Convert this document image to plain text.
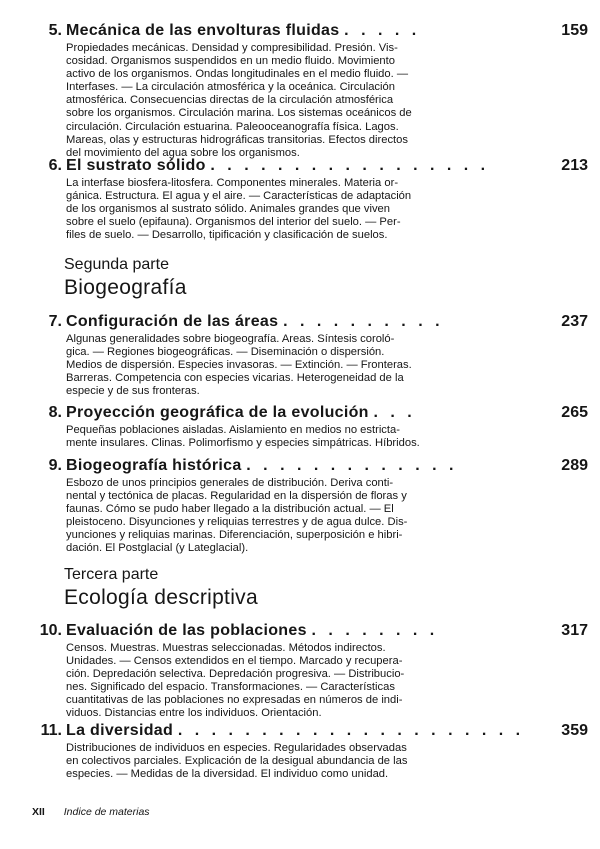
5. Mecánica de las envolturas fluidas . . . . .	159
Propiedades mecánicas. Densidad y compresibilidad. Presión. Vis-
cosidad. Organismos suspendidos en un medio fluido. Movimiento
activo de los organismos. Ondas longitudinales en el medio fluido. —
Interfases. — La circulación atmosférica y la oceánica. Circulación
atmosférica. Consecuencias directas de la circulación atmosférica
sobre los organismos. Circulación marina. Los sistemas oceánicos de
circulación. Circulación estuarina. Paleooceanografía física. Lagos.
Mareas, olas y estructuras hidrográficas transitorias. Efectos directos
del movimiento del agua sobre los organismos.
6. El sustrato sólido . . . . . . . . . . . . . . . . .	213
La interfase biosfera-litosfera. Componentes minerales. Materia or-
gánica. Estructura. El agua y el aire. — Características de adaptación
de los organismos al sustrato sólido. Animales grandes que viven
sobre el suelo (epifauna). Organismos del interior del suelo. — Per-
files de suelo. — Desarrollo, tipificación y clasificación de suelos.
Segunda parte
Biogeografía
7. Configuración de las áreas . . . . . . . . . .	237
Algunas generalidades sobre biogeografía. Areas. Síntesis coroló-
gica. — Regiones biogeográficas. — Diseminación o dispersión.
Medios de dispersión. Especies invasoras. — Extinción. — Fronteras.
Barreras. Competencia con especies vicarias. Heterogeneidad de la
especie y de sus fronteras.
8. Proyección geográfica de la evolución . . .	265
Pequeñas poblaciones aisladas. Aislamiento en medios no estricta-
mente insulares. Clinas. Polimorfismo y especies simpátricas. Híbridos.
9. Biogeografía histórica . . . . . . . . . . . . .	289
Esbozo de unos principios generales de distribución. Deriva conti-
nental y tectónica de placas. Regularidad en la dispersión de floras y
faunas. Cómo se pudo haber llegado a la distribución actual. — El
pleistoceno. Disyunciones y reliquias terrestres y de agua dulce. Dis-
yunciones y reliquias marinas. Diferenciación, superposición e hibri-
dación. El Postglacial (y Lateglacial).
Tercera parte
Ecología descriptiva
10. Evaluación de las poblaciones . . . . . . . .	317
Censos. Muestras. Muestras seleccionadas. Métodos indirectos.
Unidades. — Censos extendidos en el tiempo. Marcado y recupera-
ción. Depredación selectiva. Depredación progresiva. — Distribucio-
nes. Significado del espacio. Transformaciones. — Características
cuantitativas de las poblaciones no expresadas en números de indi-
viduos. Distancias entre los individuos. Orientación.
11. La diversidad . . . . . . . . . . . . . . . . . . . . . 359
Distribuciones de individuos en especies. Regularidades observadas
en colectivos parciales. Explicación de la desigual abundancia de las
especies. — Medidas de la diversidad. El individuo como unidad.
XII Indice de materias
